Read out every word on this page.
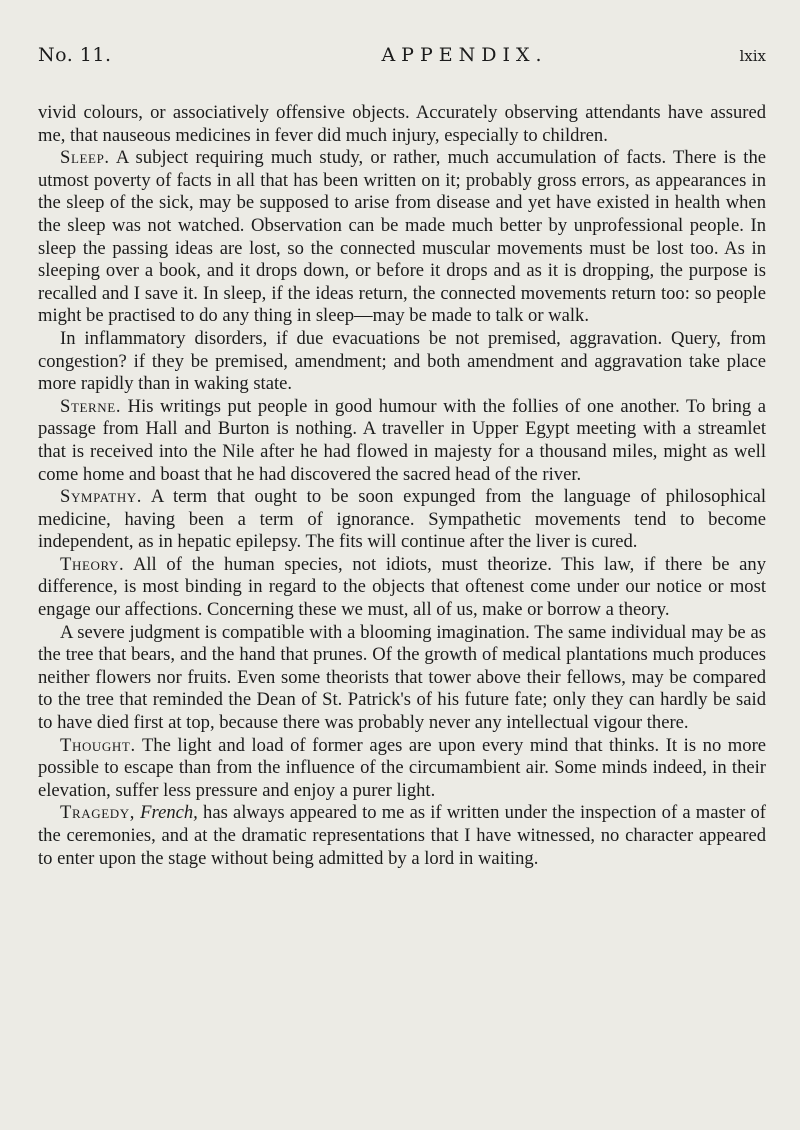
No. 11.	APPENDIX.	lxix

vivid colours, or associatively offensive objects. Accurately observing attendants have assured me, that nauseous medicines in fever did much injury, especially to children.

Sleep. A subject requiring much study, or rather, much accumulation of facts. There is the utmost poverty of facts in all that has been written on it; probably gross errors, as appearances in the sleep of the sick, may be supposed to arise from disease and yet have existed in health when the sleep was not watched. Observation can be made much better by unprofessional people. In sleep the passing ideas are lost, so the connected muscular movements must be lost too. As in sleeping over a book, and it drops down, or before it drops and as it is dropping, the purpose is recalled and I save it. In sleep, if the ideas return, the connected movements return too: so people might be practised to do any thing in sleep—may be made to talk or walk.

In inflammatory disorders, if due evacuations be not premised, aggravation. Query, from congestion? if they be premised, amendment; and both amendment and aggravation take place more rapidly than in waking state.

Sterne. His writings put people in good humour with the follies of one another. To bring a passage from Hall and Burton is nothing. A traveller in Upper Egypt meeting with a streamlet that is received into the Nile after he had flowed in majesty for a thousand miles, might as well come home and boast that he had discovered the sacred head of the river.

Sympathy. A term that ought to be soon expunged from the language of philosophical medicine, having been a term of ignorance. Sympathetic movements tend to become independent, as in hepatic epilepsy. The fits will continue after the liver is cured.

Theory. All of the human species, not idiots, must theorize. This law, if there be any difference, is most binding in regard to the objects that oftenest come under our notice or most engage our affections. Concerning these we must, all of us, make or borrow a theory.

A severe judgment is compatible with a blooming imagination. The same individual may be as the tree that bears, and the hand that prunes. Of the growth of medical plantations much produces neither flowers nor fruits. Even some theorists that tower above their fellows, may be compared to the tree that reminded the Dean of St. Patrick's of his future fate; only they can hardly be said to have died first at top, because there was probably never any intellectual vigour there.

Thought. The light and load of former ages are upon every mind that thinks. It is no more possible to escape than from the influence of the circumambient air. Some minds indeed, in their elevation, suffer less pressure and enjoy a purer light.

Tragedy, French, has always appeared to me as if written under the inspection of a master of the ceremonies, and at the dramatic representations that I have witnessed, no character appeared to enter upon the stage without being admitted by a lord in waiting.
